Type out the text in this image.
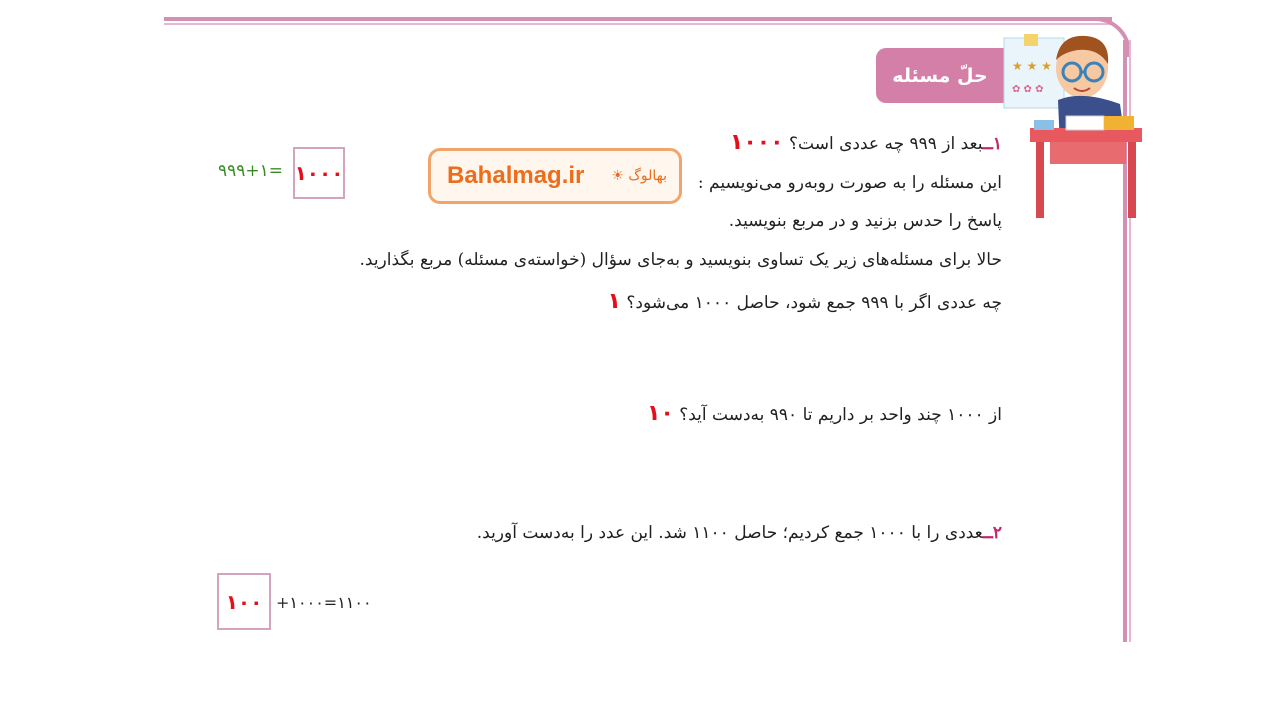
حلّ مسئله	★ ★ ★
✿ ✿ ✿
Bahalmag.ir ☀ بهالوگ
۱ــبعد از ۹۹۹ چه عددی است؟ ۱۰۰۰
این مسئله را به صورت روبه‌رو می‌نویسیم :
پاسخ را حدس بزنید و در مربع بنویسید.
حالا برای مسئله‌های زیر یک تساوی بنویسید و به‌جای سؤال (خواسته‌ی مسئله) مربع بگذارید.
چه عددی اگر با ۹۹۹ جمع شود، حاصل ۱۰۰۰ می‌شود؟ ۱
از ۱۰۰۰ چند واحد بر داریم تا ۹۹۰ به‌دست آید؟ ۱۰
۱۰۰۰
۹۹۹+۱=
۲ــعددی را با ۱۰۰۰ جمع کردیم؛ حاصل ۱۱۰۰ شد. این عدد را به‌دست آورید.
۱۰۰ +۱۰۰۰=۱۱۰۰
